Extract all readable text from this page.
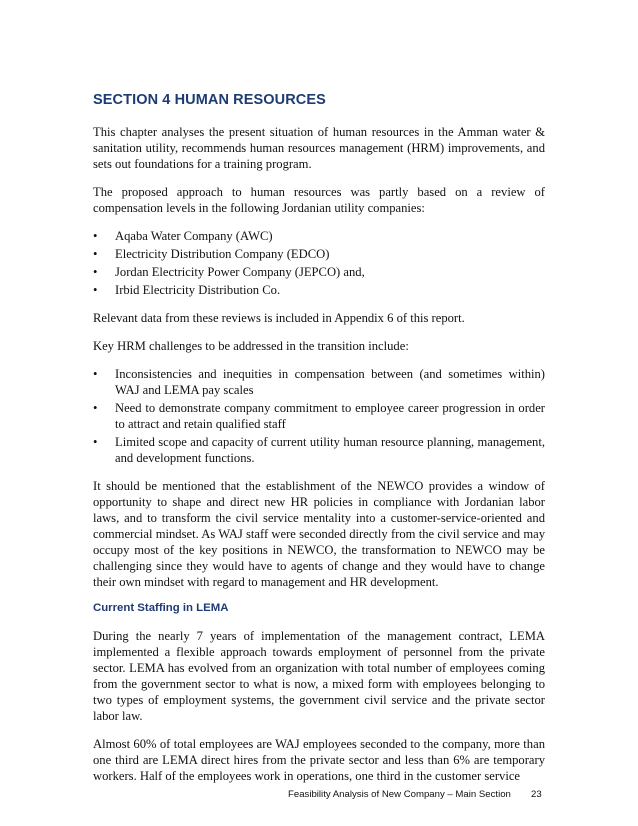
SECTION 4 HUMAN RESOURCES

This chapter analyses the present situation of human resources in the Amman water & sanitation utility, recommends human resources management (HRM) improvements, and sets out foundations for a training program.

The proposed approach to human resources was partly based on a review of compensation levels in the following Jordanian utility companies:

•	Aqaba Water Company (AWC)
•	Electricity Distribution Company (EDCO)
•	Jordan Electricity Power Company (JEPCO) and,
•	Irbid Electricity Distribution Co.

Relevant data from these reviews is included in Appendix 6 of this report.

Key HRM challenges to be addressed in the transition include:

•	Inconsistencies and inequities in compensation between (and sometimes within) WAJ and LEMA pay scales
•	Need to demonstrate company commitment to employee career progression in order to attract and retain qualified staff
•	Limited scope and capacity of current utility human resource planning, management, and development functions.

It should be mentioned that the establishment of the NEWCO provides a window of opportunity to shape and direct new HR policies in compliance with Jordanian labor laws, and to transform the civil service mentality into a customer-service-oriented and commercial mindset. As WAJ staff were seconded directly from the civil service and may occupy most of the key positions in NEWCO, the transformation to NEWCO may be challenging since they would have to agents of change and they would have to change their own mindset with regard to management and HR development.

Current Staffing in LEMA

During the nearly 7 years of implementation of the management contract, LEMA implemented a flexible approach towards employment of personnel from the private sector. LEMA has evolved from an organization with total number of employees coming from the government sector to what is now, a mixed form with employees belonging to two types of employment systems, the government civil service and the private sector labor law.

Almost 60% of total employees are WAJ employees seconded to the company, more than one third are LEMA direct hires from the private sector and less than 6% are temporary workers. Half of the employees work in operations, one third in the customer service

Feasibility Analysis of New Company – Main Section 23
